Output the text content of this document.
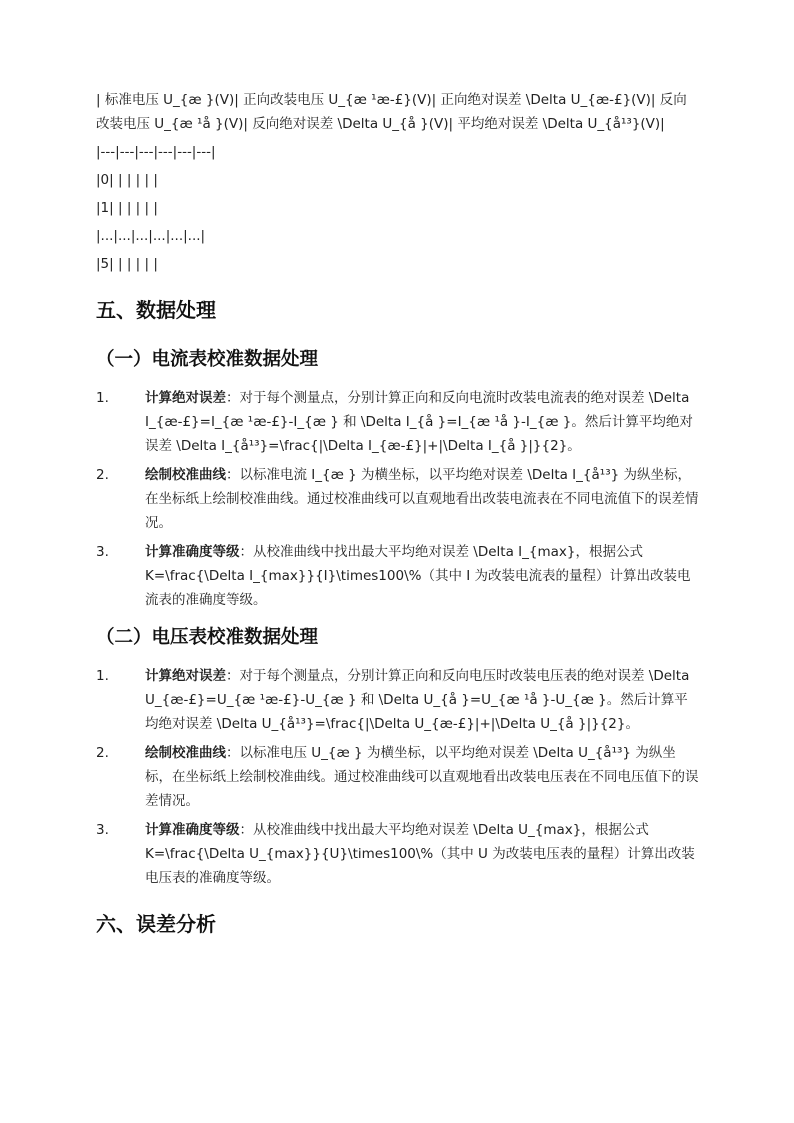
| 标准电压 U_{æ }(V)| 正向改装电压 U_{æ ¹æ-£}(V)| 正向绝对误差 \Delta U_{æ-£}(V)| 反向改装电压 U_{æ ¹å }(V)| 反向绝对误差 \Delta U_{å }(V)| 平均绝对误差 \Delta U_{å¹³}(V)|

|---|---|---|---|---|---|

|0| | | | | |

|1| | | | | |

|...|...|...|...|...|...|

|5| | | | | |

五、数据处理
（一）电流表校准数据处理
1.	计算绝对误差：对于每个测量点，分别计算正向和反向电流时改装电流表的绝对误差 \Delta I_{æ-£}=I_{æ ¹æ-£}-I_{æ } 和 \Delta I_{å }=I_{æ ¹å }-I_{æ }。然后计算平均绝对误差 \Delta I_{å¹³}=\frac{|\Delta I_{æ-£}|+|\Delta I_{å }|}{2}。
2.	绘制校准曲线：以标准电流 I_{æ } 为横坐标，以平均绝对误差 \Delta I_{å¹³} 为纵坐标，在坐标纸上绘制校准曲线。通过校准曲线可以直观地看出改装电流表在不同电流值下的误差情况。
3.	计算准确度等级：从校准曲线中找出最大平均绝对误差 \Delta I_{max}，根据公式 K=\frac{\Delta I_{max}}{I}\times100\%（其中 I 为改装电流表的量程）计算出改装电流表的准确度等级。
（二）电压表校准数据处理
1.	计算绝对误差：对于每个测量点，分别计算正向和反向电压时改装电压表的绝对误差 \Delta U_{æ-£}=U_{æ ¹æ-£}-U_{æ } 和 \Delta U_{å }=U_{æ ¹å }-U_{æ }。然后计算平均绝对误差 \Delta U_{å¹³}=\frac{|\Delta U_{æ-£}|+|\Delta U_{å }|}{2}。
2.	绘制校准曲线：以标准电压 U_{æ } 为横坐标，以平均绝对误差 \Delta U_{å¹³} 为纵坐标，在坐标纸上绘制校准曲线。通过校准曲线可以直观地看出改装电压表在不同电压值下的误差情况。
3.	计算准确度等级：从校准曲线中找出最大平均绝对误差 \Delta U_{max}，根据公式 K=\frac{\Delta U_{max}}{U}\times100\%（其中 U 为改装电压表的量程）计算出改装电压表的准确度等级。
六、误差分析
